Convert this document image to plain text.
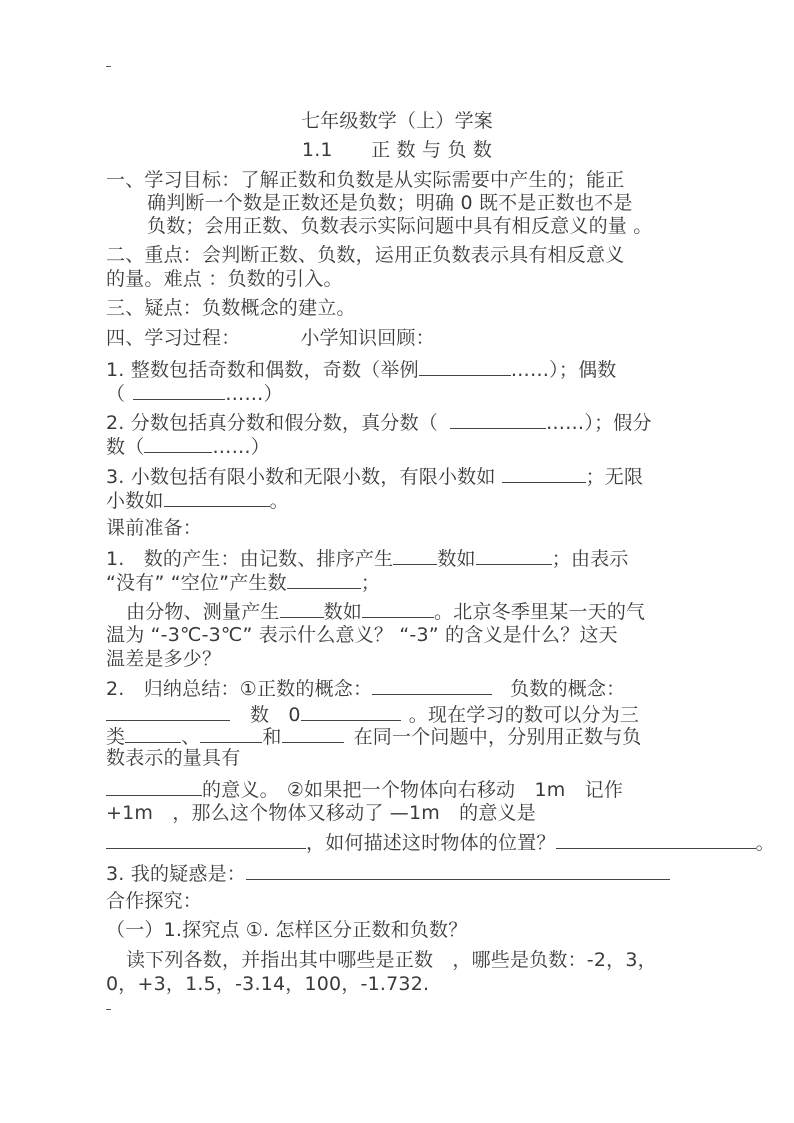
七年级数学（上）学案
1.1　　正 数 与 负 数
一、学习目标：了解正数和负数是从实际需要中产生的；能正
确判断一个数是正数还是负数；明确 0 既不是正数也不是
负数；会用正数、负数表示实际问题中具有相反意义的量 。
二、重点：会判断正数、负数，运用正负数表示具有相反意义
的量。难点 ：负数的引入。
三、疑点：负数概念的建立。
四、学习过程：	小学知识回顾：
1. 整数包括奇数和偶数，奇数（举例	……）；偶数
（	……）
2. 分数包括真分数和假分数，真分数（	……）；假分
数（	……）
3. 小数包括有限小数和无限小数，有限小数如	；无限
小数如	。
课前准备：
1.　数的产生：由记数、排序产生 数如	；由表示
“没有” “空位”产生数	；
由分物、测量产生 数如	。北京冬季里某一天的气
温为 “-3℃-3℃” 表示什么意义？ “-3” 的含义是什么？这天
温差是多少？
2.　归纳总结：①正数的概念：	负数的概念：
数　0	。现在学习的数可以分为三
类	、	和	在同一个问题中，分别用正数与负
数表示的量具有
的意义。 ②如果把一个物体向右移动　1m　记作
+1m　，那么这个物体又移动了 —1m　的意义是
，如何描述这时物体的位置？	。
3. 我的疑惑是：
合作探究：
（一）1.探究点 ①. 怎样区分正数和负数？
读下列各数，并指出其中哪些是正数　，哪些是负数：-2，3，
0，+3，1.5，-3.14，100，-1.732.
